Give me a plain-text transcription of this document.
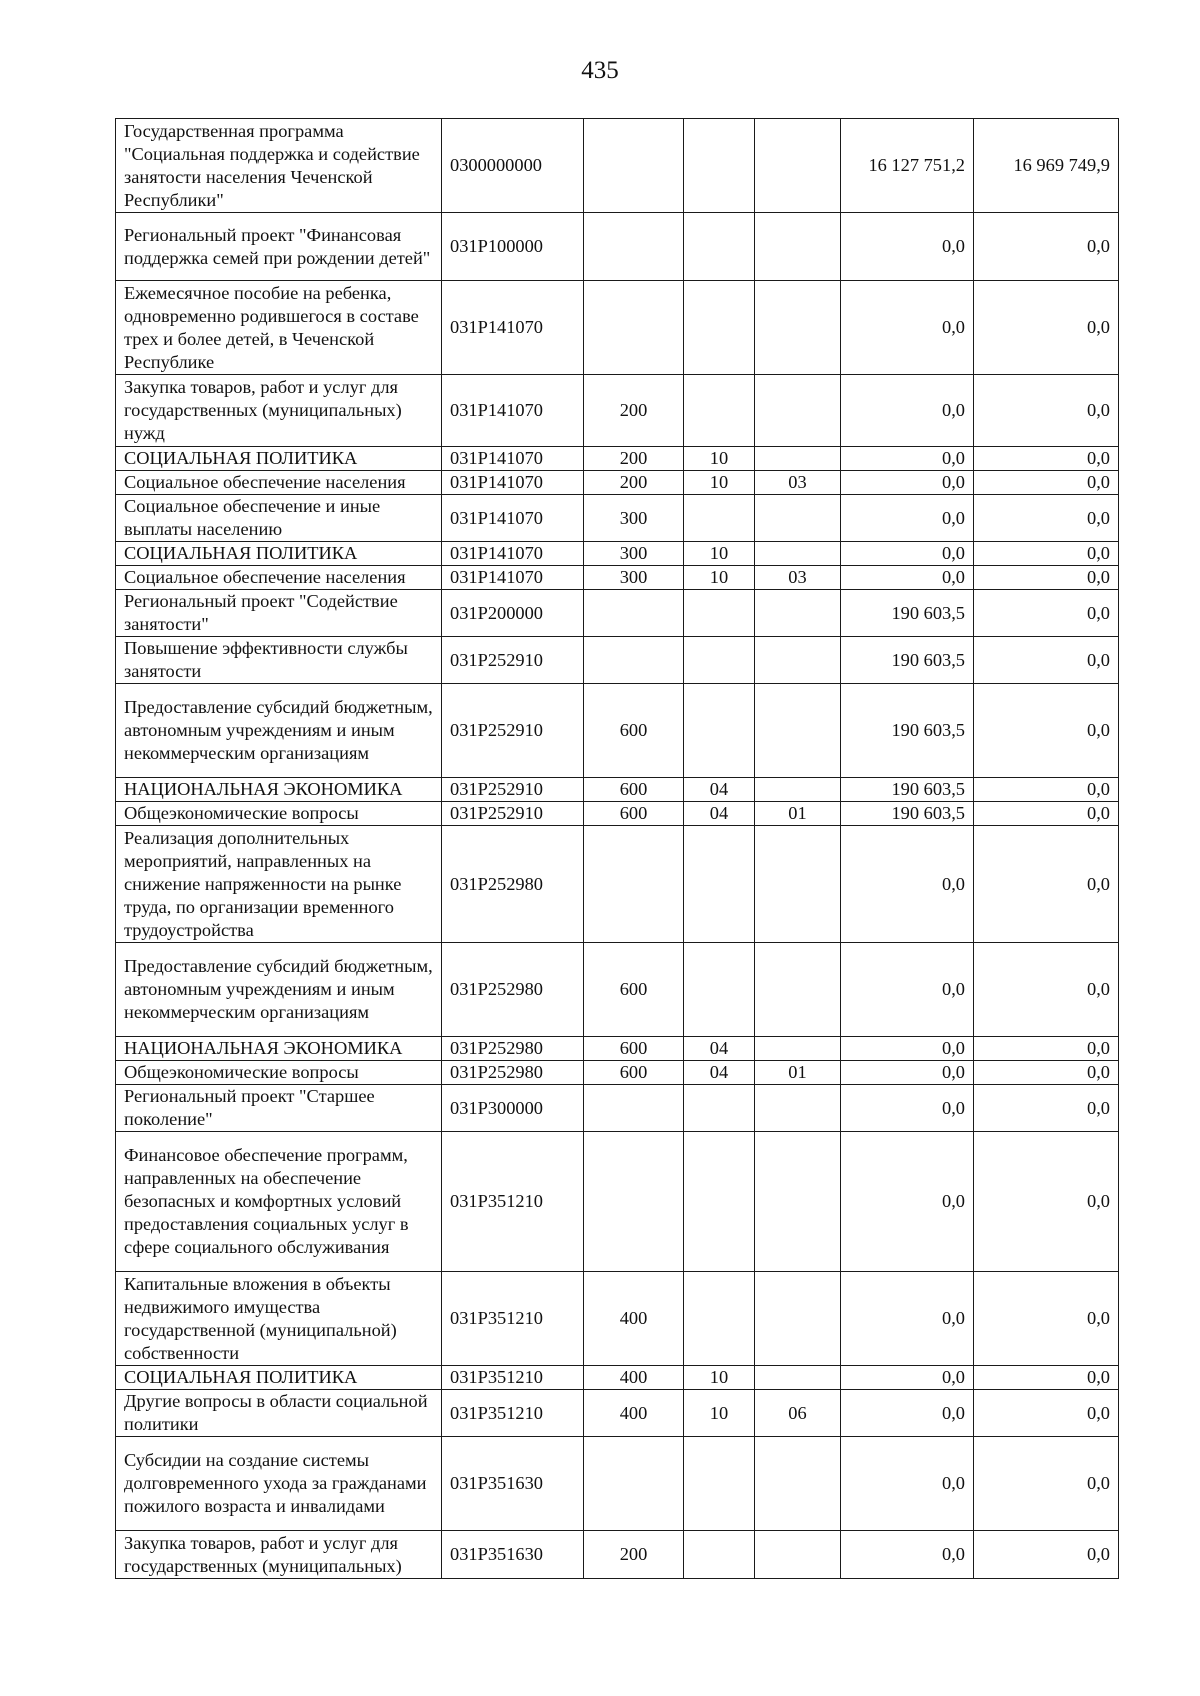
435
Государственная программа "Социальная поддержка и содействие занятости населения Чеченской Республики"	0300000000				16 127 751,2	16 969 749,9
Региональный проект "Финансовая поддержка семей при рождении детей"	031P100000				0,0	0,0
Ежемесячное пособие на ребенка, одновременно родившегося в составе трех и более детей, в Чеченской Республике	031P141070				0,0	0,0
Закупка товаров, работ и услуг для государственных (муниципальных) нужд	031P141070	200			0,0	0,0
СОЦИАЛЬНАЯ ПОЛИТИКА	031P141070	200	10		0,0	0,0
Социальное обеспечение населения	031P141070	200	10	03	0,0	0,0
Социальное обеспечение и иные выплаты населению	031P141070	300			0,0	0,0
СОЦИАЛЬНАЯ ПОЛИТИКА	031P141070	300	10		0,0	0,0
Социальное обеспечение населения	031P141070	300	10	03	0,0	0,0
Региональный проект "Содействие занятости"	031P200000				190 603,5	0,0
Повышение эффективности службы занятости	031P252910				190 603,5	0,0
Предоставление субсидий бюджетным, автономным учреждениям и иным некоммерческим организациям	031P252910	600			190 603,5	0,0
НАЦИОНАЛЬНАЯ ЭКОНОМИКА	031P252910	600	04		190 603,5	0,0
Общеэкономические вопросы	031P252910	600	04	01	190 603,5	0,0
Реализация дополнительных мероприятий, направленных на снижение напряженности на рынке труда, по организации временного трудоустройства	031P252980				0,0	0,0
Предоставление субсидий бюджетным, автономным учреждениям и иным некоммерческим организациям	031P252980	600			0,0	0,0
НАЦИОНАЛЬНАЯ ЭКОНОМИКА	031P252980	600	04		0,0	0,0
Общеэкономические вопросы	031P252980	600	04	01	0,0	0,0
Региональный проект "Старшее поколение"	031P300000				0,0	0,0
Финансовое обеспечение программ, направленных на обеспечение безопасных и комфортных условий предоставления социальных услуг в сфере социального обслуживания	031P351210				0,0	0,0
Капитальные вложения в объекты недвижимого имущества государственной (муниципальной) собственности	031P351210	400			0,0	0,0
СОЦИАЛЬНАЯ ПОЛИТИКА	031P351210	400	10		0,0	0,0
Другие вопросы в области социальной политики	031P351210	400	10	06	0,0	0,0
Субсидии на создание системы долговременного ухода за гражданами пожилого возраста и инвалидами	031P351630				0,0	0,0
Закупка товаров, работ и услуг для государственных (муниципальных)	031P351630	200			0,0	0,0
